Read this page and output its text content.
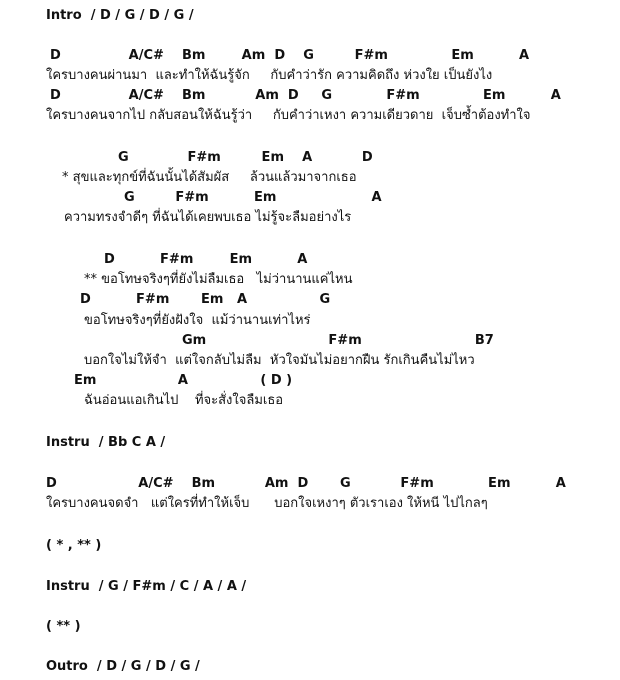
Intro  / D / G / D / G /
D               A/C#    Bm        Am  D    G         F#m              Em          A
ใครบางคนผ่านมา  และทำให้ฉันรู้จัก     กับคำว่ารัก ความคิดถึง ห่วงใย เป็นยังไง
D               A/C#    Bm           Am  D     G            F#m              Em          A
ใครบางคนจากไป กลับสอนให้ฉันรู้ว่า     กับคำว่าเหงา ความเดียวดาย  เจ็บซ้ำต้องทำใจ
G             F#m         Em    A           D
* สุขและทุกข์ที่ฉันนั้นได้สัมผัส     ล้วนแล้วมาจากเธอ
G         F#m          Em                     A
ความทรงจำดีๆ ที่ฉันได้เคยพบเธอ ไม่รู้จะลืมอย่างไร
D          F#m        Em          A
** ขอโทษจริงๆที่ยังไม่ลืมเธอ   ไม่ว่านานแค่ไหน
D          F#m       Em   A                G
ขอโทษจริงๆที่ยังฝังใจ  แม้ว่านานเท่าไหร่
Gm                           F#m                         B7
บอกใจไม่ให้จำ  แต่ใจกลับไม่ลืม  หัวใจมันไม่อยากฝืน รักเกินคืนไม่ไหว
Em                  A                ( D )
ฉันอ่อนแอเกินไป    ที่จะสั่งใจลืมเธอ
Instru  / Bb C A /
D                  A/C#    Bm           Am  D       G           F#m            Em          A
ใครบางคนจดจำ   แต่ใครที่ทำให้เจ็บ      บอกใจเหงาๆ ตัวเราเอง ให้หนี ไปไกลๆ
( * , ** )
Instru  / G / F#m / C / A / A /
( ** )
Outro  / D / G / D / G /
